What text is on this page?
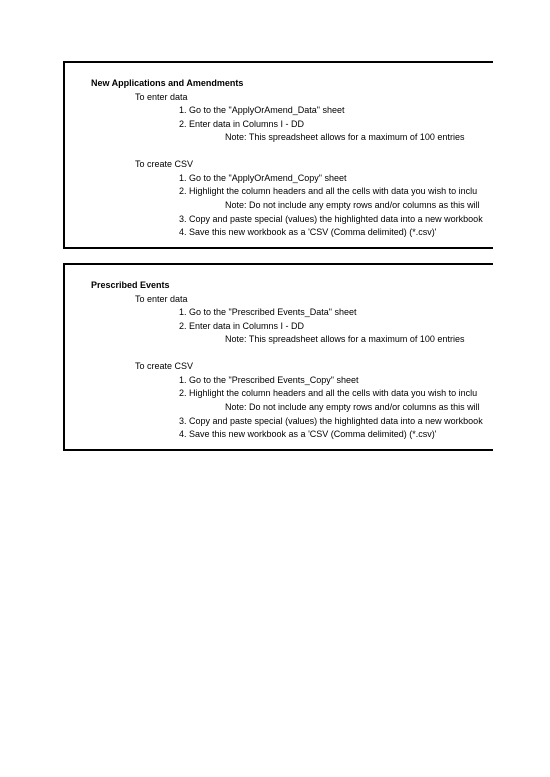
New Applications and Amendments
To enter data
1. Go to the "ApplyOrAmend_Data" sheet
2. Enter data in Columns I - DD
Note: This spreadsheet allows for a maximum of 100 entries
To create CSV
1. Go to the "ApplyOrAmend_Copy" sheet
2. Highlight the column headers and all the cells with data you wish to inclu
Note: Do not include any empty rows and/or columns as this will
3. Copy and paste special (values) the highlighted data into a new workbook
4. Save this new workbook as a 'CSV (Comma delimited) (*.csv)'
Prescribed Events
To enter data
1. Go to the "Prescribed Events_Data" sheet
2. Enter data in Columns I - DD
Note: This spreadsheet allows for a maximum of 100 entries
To create CSV
1. Go to the "Prescribed Events_Copy" sheet
2. Highlight the column headers and all the cells with data you wish to inclu
Note: Do not include any empty rows and/or columns as this will
3. Copy and paste special (values) the highlighted data into a new workbook
4. Save this new workbook as a 'CSV (Comma delimited) (*.csv)'
